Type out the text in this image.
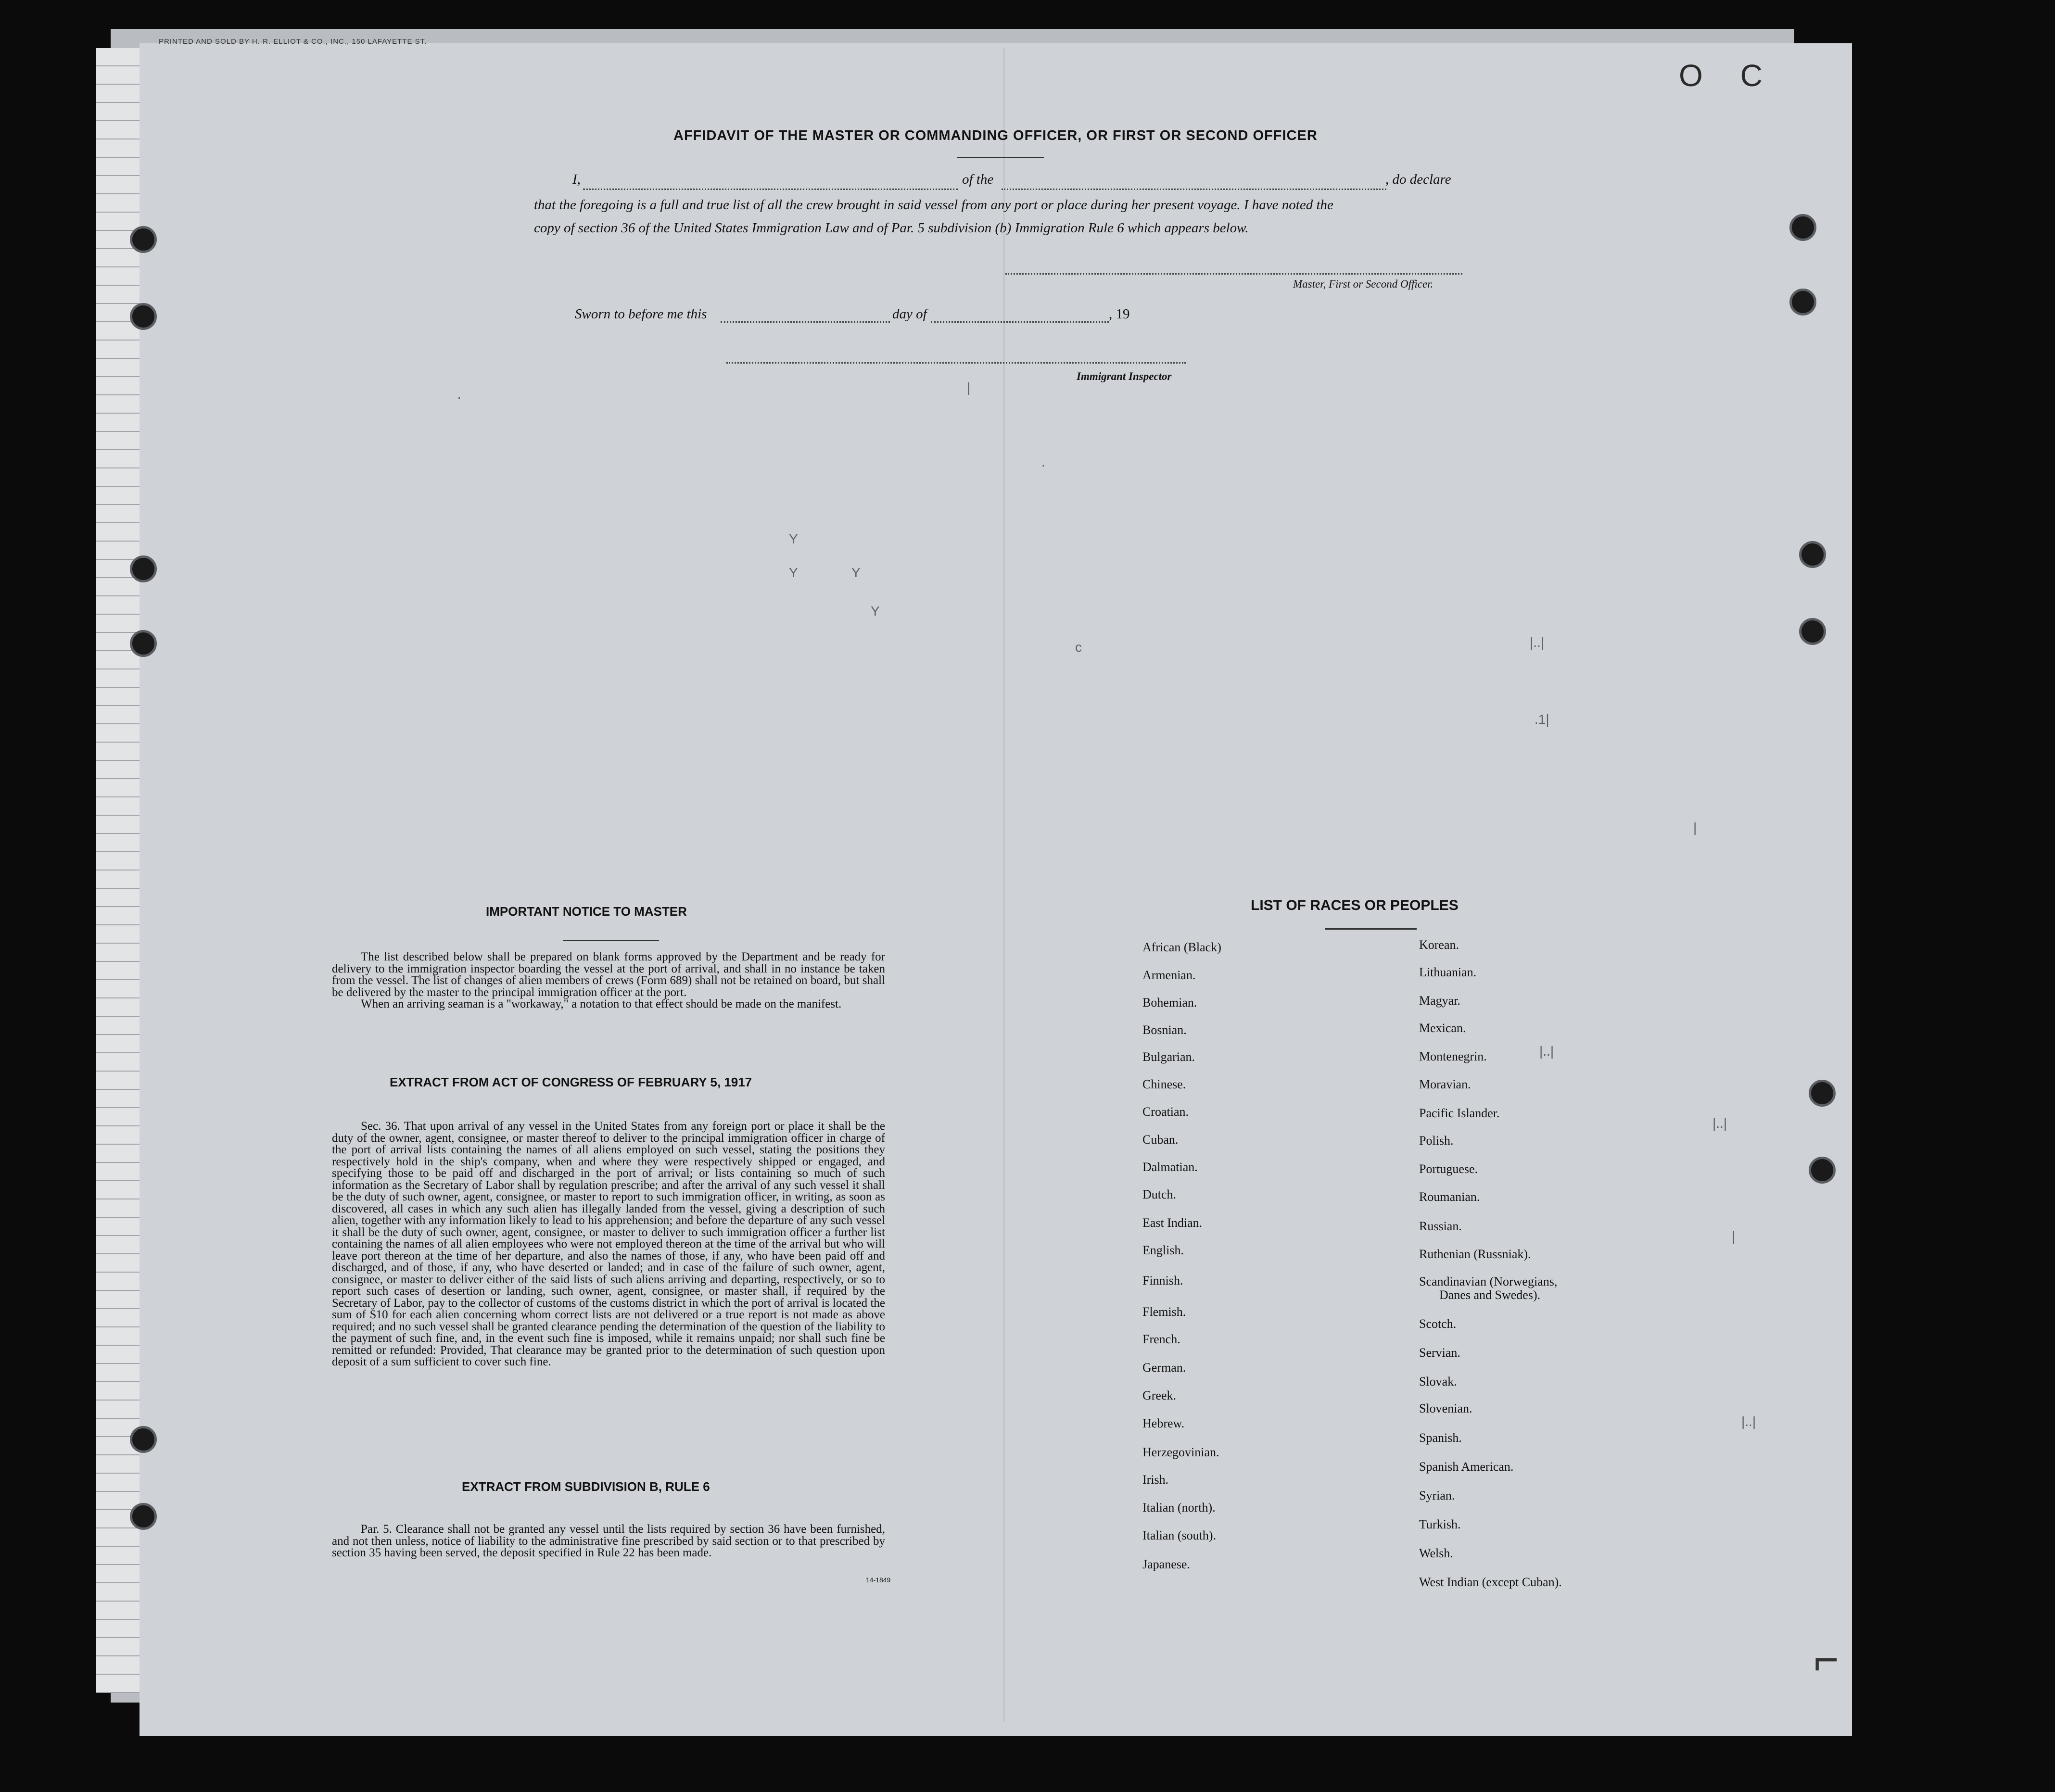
PRINTED AND SOLD BY H. R. ELLIOT & CO., INC., 150 LAFAYETTE ST.
O C
AFFIDAVIT OF THE MASTER OR COMMANDING OFFICER, OR FIRST OR SECOND OFFICER
I,	of the	, do declare
that the foregoing is a full and true list of all the crew brought in said vessel from any port or place during her present voyage. I have noted the
copy of section 36 of the United States Immigration Law and of Par. 5 subdivision (b) Immigration Rule 6 which appears below.
Master, First or Second Officer.
Sworn to before me this	day of	, 19
Immigrant Inspector
·
|
.
Y
Y	Y
Y
c	|..|
.1|
|
|..|
|..|
|
|..|
⌐
IMPORTANT NOTICE TO MASTER

The list described below shall be prepared on blank forms approved by the Department and be ready for delivery to the immigration inspector boarding the vessel at the port of arrival, and shall in no instance be taken from the vessel. The list of changes of alien members of crews (Form 689) shall not be retained on board, but shall be delivered by the master to the principal immigration officer at the port.

When an arriving seaman is a "workaway," a notation to that effect should be made on the manifest.

EXTRACT FROM ACT OF CONGRESS OF FEBRUARY 5, 1917

Sec. 36. That upon arrival of any vessel in the United States from any foreign port or place it shall be the duty of the owner, agent, consignee, or master thereof to deliver to the principal immigration officer in charge of the port of arrival lists containing the names of all aliens employed on such vessel, stating the positions they respectively hold in the ship's company, when and where they were respectively shipped or engaged, and specifying those to be paid off and discharged in the port of arrival; or lists containing so much of such information as the Secretary of Labor shall by regulation prescribe; and after the arrival of any such vessel it shall be the duty of such owner, agent, consignee, or master to report to such immigration officer, in writing, as soon as discovered, all cases in which any such alien has illegally landed from the vessel, giving a description of such alien, together with any information likely to lead to his apprehension; and before the departure of any such vessel it shall be the duty of such owner, agent, consignee, or master to deliver to such immigration officer a further list containing the names of all alien employees who were not employed thereon at the time of the arrival but who will leave port thereon at the time of her departure, and also the names of those, if any, who have been paid off and discharged, and of those, if any, who have deserted or landed; and in case of the failure of such owner, agent, consignee, or master to deliver either of the said lists of such aliens arriving and departing, respectively, or so to report such cases of desertion or landing, such owner, agent, consignee, or master shall, if required by the Secretary of Labor, pay to the collector of customs of the customs district in which the port of arrival is located the sum of $10 for each alien concerning whom correct lists are not delivered or a true report is not made as above required; and no such vessel shall be granted clearance pending the determination of the question of the liability to the payment of such fine, and, in the event such fine is imposed, while it remains unpaid; nor shall such fine be remitted or refunded: Provided, That clearance may be granted prior to the determination of such question upon deposit of a sum sufficient to cover such fine.

EXTRACT FROM SUBDIVISION B, RULE 6

Par. 5. Clearance shall not be granted any vessel until the lists required by section 36 have been furnished, and not then unless, notice of liability to the administrative fine prescribed by said section or to that prescribed by section 35 having been served, the deposit specified in Rule 22 has been made.

14-1849
LIST OF RACES OR PEOPLES
African (Black)
Armenian.
Bohemian.
Bosnian.
Bulgarian.
Chinese.
Croatian.
Cuban.
Dalmatian.
Dutch.
East Indian.
English.
Finnish.
Flemish.
French.
German.
Greek.
Hebrew.
Herzegovinian.
Irish.
Italian (north).
Italian (south).
Japanese.
Korean.
Lithuanian.
Magyar.
Mexican.
Montenegrin.
Moravian.
Pacific Islander.
Polish.
Portuguese.
Roumanian.
Russian.
Ruthenian (Russniak).
Scandinavian (Norwegians,
Danes and Swedes).
Scotch.
Servian.
Slovak.
Slovenian.
Spanish.
Spanish American.
Syrian.
Turkish.
Welsh.
West Indian (except Cuban).
